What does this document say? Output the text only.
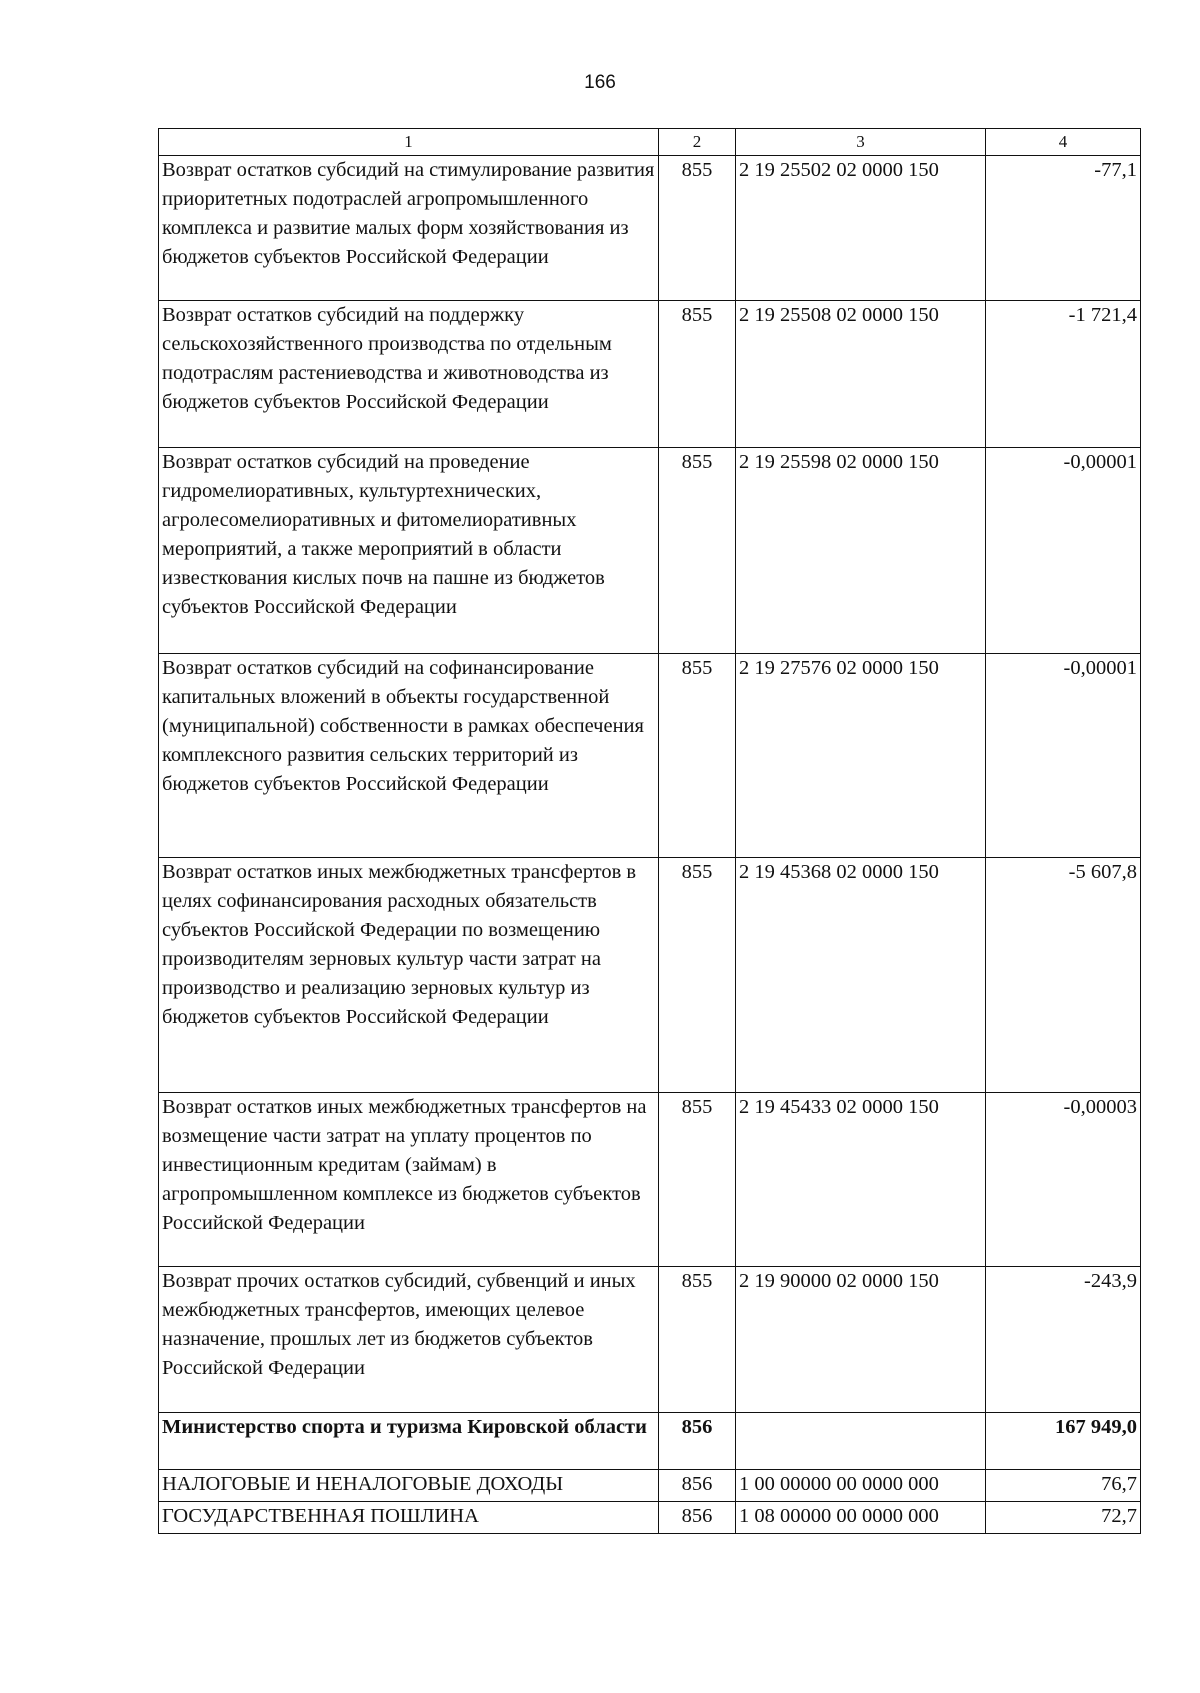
166
1	2	3	4
Возврат остатков субсидий на стимулирование развития приоритетных подотраслей агропромышленного комплекса и развитие малых форм хозяйствования из бюджетов субъектов Российской Федерации	855	2 19 25502 02 0000 150	-77,1
Возврат остатков субсидий на поддержку сельскохозяйственного производства по отдельным подотраслям растениеводства и животноводства из бюджетов субъектов Российской Федерации	855	2 19 25508 02 0000 150	-1 721,4
Возврат остатков субсидий на проведение гидромелиоративных, культуртехнических, агролесомелиоративных и фитомелиоративных мероприятий, а также мероприятий в области известкования кислых почв на пашне из бюджетов субъектов Российской Федерации	855	2 19 25598 02 0000 150	-0,00001
Возврат остатков субсидий на софинансирование капитальных вложений в объекты государственной (муниципальной) собственности в рамках обеспечения комплексного развития сельских территорий из бюджетов субъектов Российской Федерации	855	2 19 27576 02 0000 150	-0,00001
Возврат остатков иных межбюджетных трансфертов в целях софинансирования расходных обязательств субъектов Российской Федерации по возмещению производителям зерновых культур части затрат на производство и реализацию зерновых культур из бюджетов субъектов Российской Федерации	855	2 19 45368 02 0000 150	-5 607,8
Возврат остатков иных межбюджетных трансфертов на возмещение части затрат на уплату процентов по инвестиционным кредитам (займам) в агропромышленном комплексе из бюджетов субъектов Российской Федерации	855	2 19 45433 02 0000 150	-0,00003
Возврат прочих остатков субсидий, субвенций и иных межбюджетных трансфертов, имеющих целевое назначение, прошлых лет из бюджетов субъектов Российской Федерации	855	2 19 90000 02 0000 150	-243,9
Министерство спорта и туризма Кировской области	856		167 949,0
НАЛОГОВЫЕ И НЕНАЛОГОВЫЕ ДОХОДЫ	856	1 00 00000 00 0000 000	76,7
ГОСУДАРСТВЕННАЯ ПОШЛИНА	856	1 08 00000 00 0000 000	72,7
